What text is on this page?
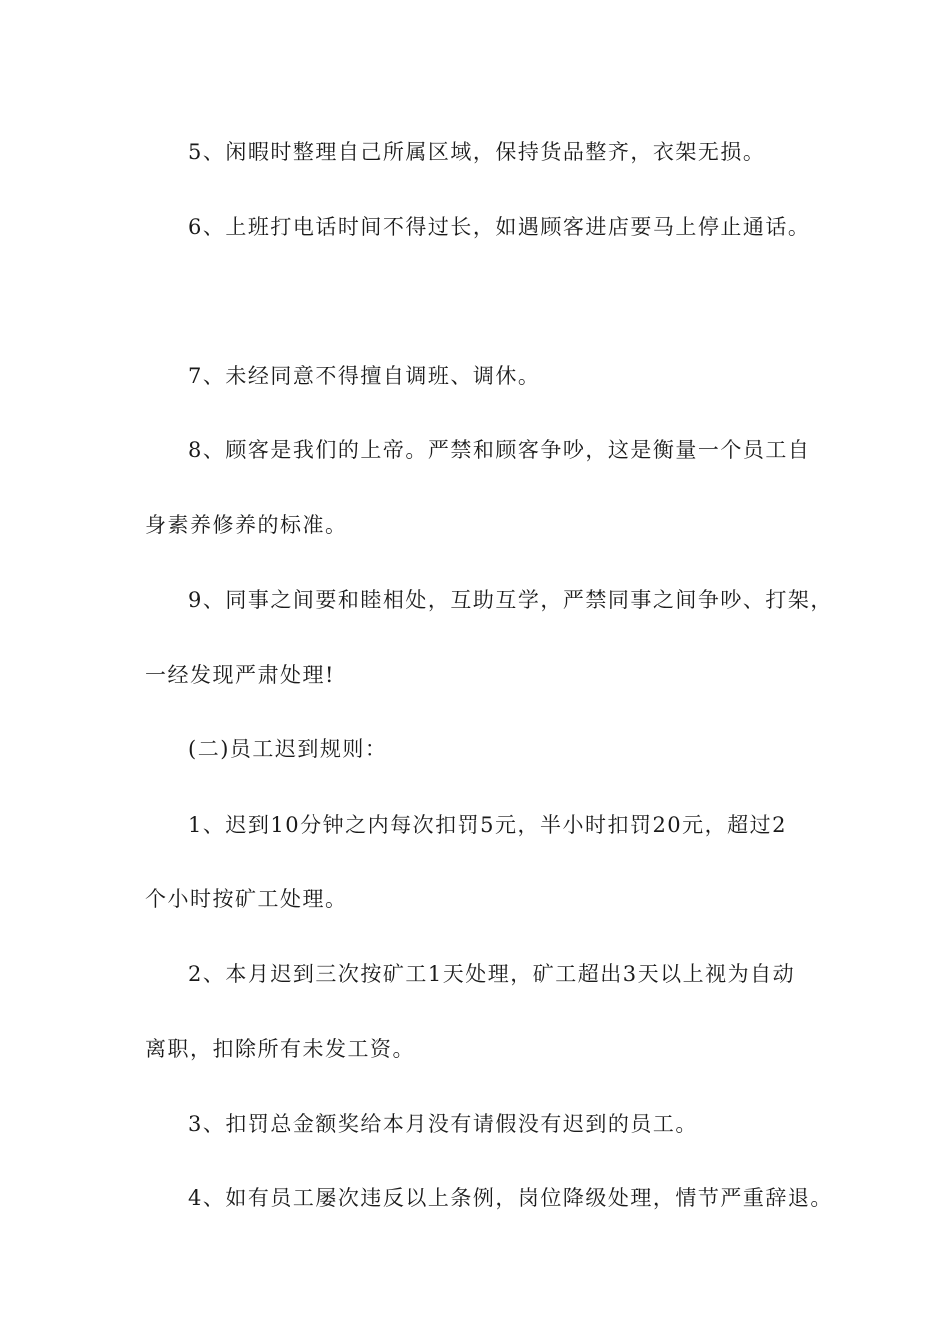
5、闲暇时整理自己所属区域，保持货品整齐，衣架无损。
6、上班打电话时间不得过长，如遇顾客进店要马上停止通话。
7、未经同意不得擅自调班、调休。
8、顾客是我们的上帝。严禁和顾客争吵，这是衡量一个员工自
身素养修养的标准。
9、同事之间要和睦相处，互助互学，严禁同事之间争吵、打架，
一经发现严肃处理!
(二)员工迟到规则：
1、迟到10分钟之内每次扣罚5元，半小时扣罚20元，超过2
个小时按矿工处理。
2、本月迟到三次按矿工1天处理，矿工超出3天以上视为自动
离职，扣除所有未发工资。
3、扣罚总金额奖给本月没有请假没有迟到的员工。
4、如有员工屡次违反以上条例，岗位降级处理，情节严重辞退。
